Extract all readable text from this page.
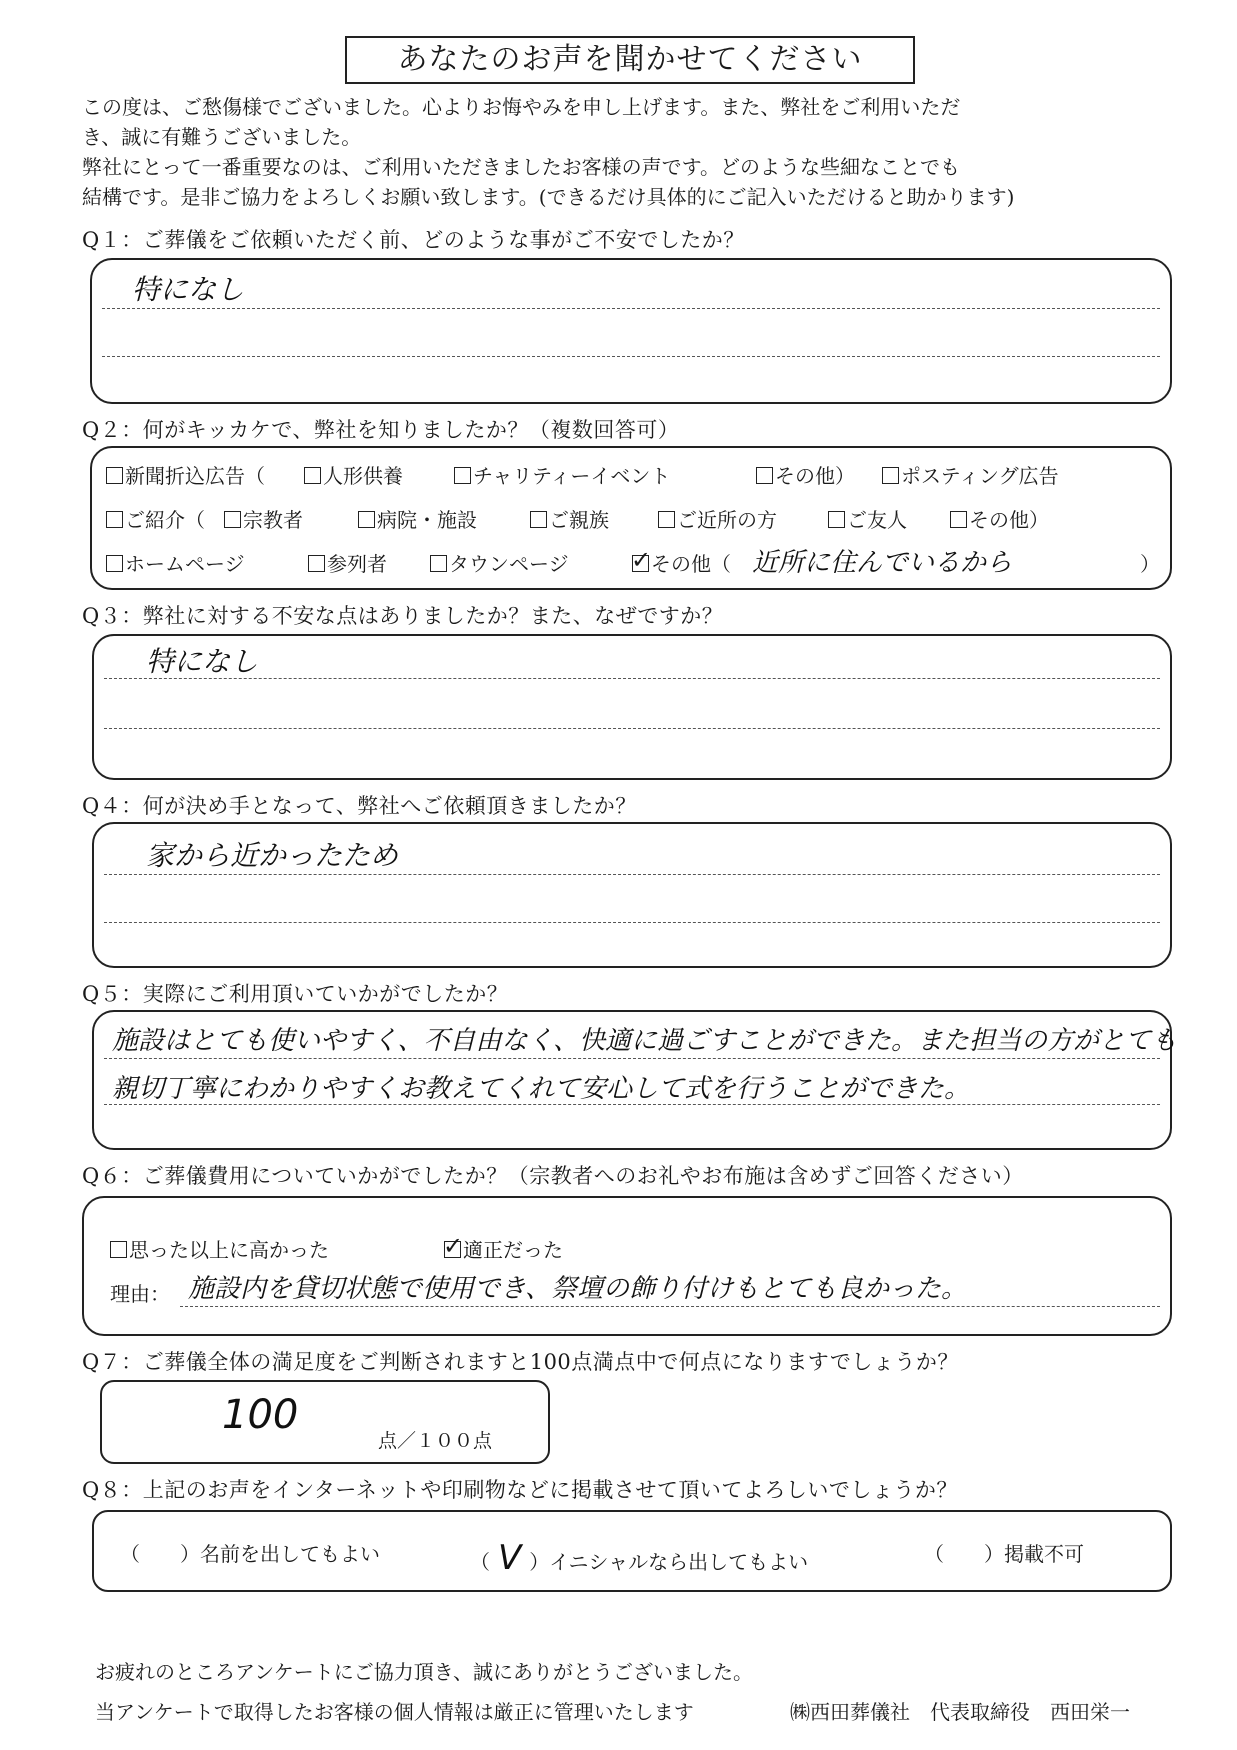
あなたのお声を聞かせてください
この度は、ご愁傷様でございました。心よりお悔やみを申し上げます。また、弊社をご利用いただ
き、誠に有難うございました。
弊社にとって一番重要なのは、ご利用いただきましたお客様の声です。どのような些細なことでも
結構です。是非ご協力をよろしくお願い致します。(できるだけ具体的にご記入いただけると助かります)
Q１：ご葬儀をご依頼いただく前、どのような事がご不安でしたか？
特になし
Q２：何がキッカケで、弊社を知りましたか？（複数回答可）
新聞折込広告（	人形供養	チャリティーイベント	その他）	ポスティング広告
ご紹介（	宗教者	病院・施設	ご親族	ご近所の方	ご友人	その他）
ホームページ	参列者	タウンページ	✓ その他（ 近所に住んでいるから	）
Q３：弊社に対する不安な点はありましたか？また、なぜですか？
特になし
Q４：何が決め手となって、弊社へご依頼頂きましたか？
家から近かったため
Q５：実際にご利用頂いていかがでしたか？
施設はとても使いやすく、不自由なく、快適に過ごすことができた。また担当の方がとても
親切丁寧にわかりやすくお教えてくれて安心して式を行うことができた。
Q６：ご葬儀費用についていかがでしたか？（宗教者へのお礼やお布施は含めずご回答ください）
思った以上に高かった	✓ 適正だった
理由： 施設内を貸切状態で使用でき、祭壇の飾り付けもとても良かった。
Q７：ご葬儀全体の満足度をご判断されますと100点満点中で何点になりますでしょうか？
100
点／１００点
Q８：上記のお声をインターネットや印刷物などに掲載させて頂いてよろしいでしょうか？
（　　）名前を出してもよい	（ V ）イニシャルなら出してもよい	（　　）掲載不可
お疲れのところアンケートにご協力頂き、誠にありがとうございました。
当アンケートで取得したお客様の個人情報は厳正に管理いたします	㈱西田葬儀社　代表取締役　西田栄一
